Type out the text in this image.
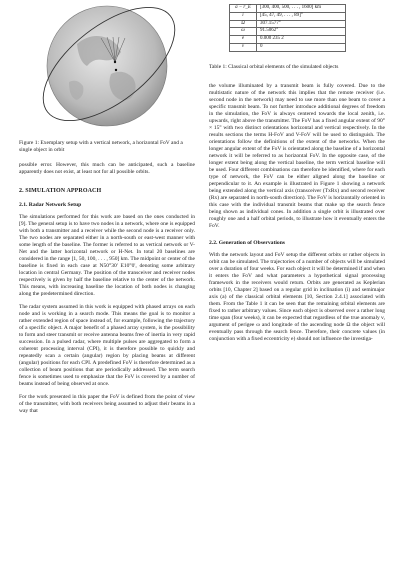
Figure 1: Exemplary setup with a vertical network, a horizontal FoV and a single object in orbit

possible error. However, this much can be anticipated, such a baseline apparently does not exist, at least not for all possible orbits.

2. SIMULATION APPROACH
2.1. Radar Network Setup

The simulations performed for this work are based on the ones conducted in [9]. The general setup is to have two nodes in a network, where one is equipped with both a transmitter and a receiver while the second node is a receiver only. The two nodes are separated either in a north-south or east-west manner with some length of the baseline. The former is referred to as vertical network or V-Net and the latter horizontal network or H-Net. In total 20 baselines are considered in the range [1, 50, 100, . . . , 950] km. The midpoint or center of the baseline is fixed in each case at N50°30' E10°0', denoting some arbitrary location in central Germany. The position of the transceiver and receiver nodes respectively is given by half the baseline relative to the center of the network. This means, with increasing baseline the location of both nodes is changing along the predetermined direction.

The radar system assumed in this work is equipped with phased arrays on each node and is working in a search mode. This means the goal is to monitor a rather extended region of space instead of, for example, following the trajectory of a specific object. A major benefit of a phased array system, is the possibility to form and steer transmit or receive antenna beams free of inertia in very rapid succession. In a pulsed radar, where multiple pulses are aggregated to form a coherent processing interval (CPI), it is therefore possible to quickly and repeatedly scan a certain (angular) region by placing beams at different (angular) positions for each CPI. A predefined FoV is therefore determined as a collection of beam positions that are periodically addressed. The term search fence is sometimes used to emphasize that the FoV is covered by a number of beams instead of being observed at once.

For the work presented in this paper the FoV is defined from the point of view of the transmitter, with both receivers being assumed to adjust their beams in a way that

a − r_E	[300, 400, 500, . . . , 1600] km
i	[45, 47, 49, . . . , 89]°
Ω	307.1577°
ω	91.5062°
e	0.000 235 2
ν	0

Table 1: Classical orbital elements of the simulated objects

the volume illuminated by a transmit beam is fully covered. Due to the multistatic nature of the network this implies that the remote receiver (i.e. second node in the network) may need to use more than one beam to cover a specific transmit beam. To not further introduce additional degrees of freedom in the simulation, the FoV is always centered towards the local zenith, i.e. upwards, right above the transmitter. The FoV has a fixed angular extent of 90° × 15° with two distinct orientations horizontal and vertical respectively. In the results sections the terms H-FoV and V-FoV will be used to distinguish. The orientations follow the definitions of the extent of the networks. When the longer angular extent of the FoV is orientated along the baseline of a horizontal network it will be referred to as horizontal FoV. In the opposite case, of the longer extent being along the vertical baseline, the term vertical baseline will be used. Four different combinations can therefore be identified, where for each type of network, the FoV can be either aligned along the baseline or perpendicular to it. An example is illustrated in Figure 1 showing a network being extended along the vertical axis (transceiver (TxRx) and second receiver (Rx) are separated in north-south direction). The FoV is horizontally oriented in this case with the individual transmit beams that make up the search fence being shown as individual cones. In addition a single orbit is illustrated over roughly one and a half orbital periods, to illustrate how it eventually enters the FoV.

2.2. Generation of Observations

With the network layout and FoV setup the different orbits or rather objects in orbit can be simulated. The trajectories of a number of objects will be simulated over a duration of four weeks. For each object it will be determined if and when it enters the FoV and what parameters a hypothetical signal processing framework in the receivers would return. Orbits are generated as Keplerian orbits [10, Chapter 2] based on a regular grid in inclination (i) and semimajor axis (a) of the classical orbital elements [10, Section 2.4.1] associated with them. From the Table 1 it can be seen that the remaining orbital elements are fixed to rather arbitrary values. Since each object is observed over a rather long time span (four weeks), it can be expected that regardless of the true anomaly ν, argument of perigee ω and longitude of the ascending node Ω the object will eventually pass through the search fence. Therefore, their concrete values (in conjunction with a fixed eccentricity e) should not influence the investiga-
